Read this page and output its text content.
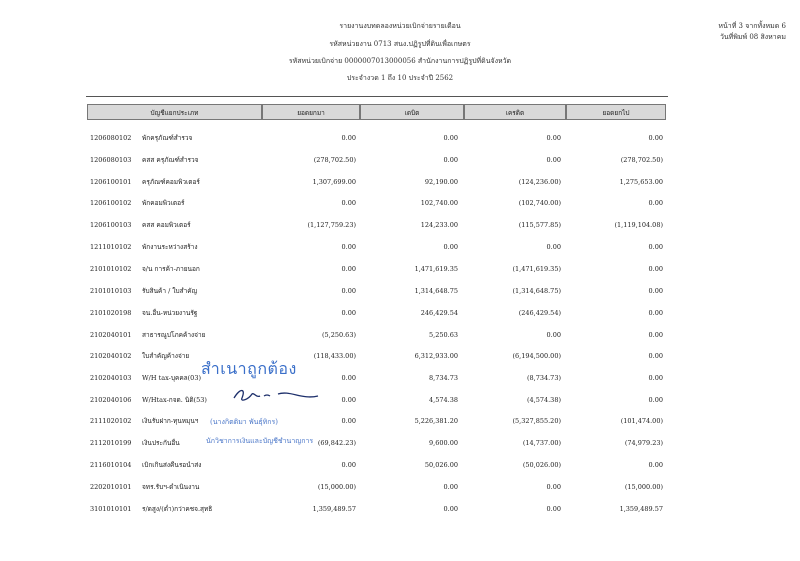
รายงานงบทดลองหน่วยเบิกจ่ายรายเดือน
รหัสหน่วยงาน 0713 สนง.ปฏิรูปที่ดินเพื่อเกษตร
รหัสหน่วยเบิกจ่าย 0000007013000056 สำนักงานการปฏิรูปที่ดินจังหวัด
ประจำงวด 1 ถึง 10 ประจำปี 2562
หน้าที่ 3 จากทั้งหมด 6
วันที่พิมพ์ 08 สิงหาคม
บัญชีแยกประเภท	ยอดยกมา	เดบิต	เครดิต	ยอดยกไป
1206080102	พักครุภัณฑ์สำรวจ	0.00	0.00	0.00	0.00
1206080103	คสส ครุภัณฑ์สำรวจ	(278,702.50)	0.00	0.00	(278,702.50)
1206100101	ครุภัณฑ์คอมพิวเตอร์	1,307,699.00	92,190.00	(124,236.00)	1,275,653.00
1206100102	พักคอมพิวเตอร์	0.00	102,740.00	(102,740.00)	0.00
1206100103	คสส คอมพิวเตอร์	(1,127,759.23)	124,233.00	(115,577.85)	(1,119,104.08)
1211010102	พักงานระหว่างสร้าง	0.00	0.00	0.00	0.00
2101010102	จ/น การค้า-ภายนอก	0.00	1,471,619.35	(1,471,619.35)	0.00
2101010103	รับสินค้า / ใบสำคัญ	0.00	1,314,648.75	(1,314,648.75)	0.00
2101020198	จน.อื่น-หน่วยงานรัฐ	0.00	246,429.54	(246,429.54)	0.00
2102040101	สาธารณูปโภคค้างจ่าย	(5,250.63)	5,250.63	0.00	0.00
2102040102	ใบสำคัญค้างจ่าย	(118,433.00)	6,312,933.00	(6,194,500.00)	0.00
2102040103	W/H tax-บุคคล(03)	0.00	8,734.73	(8,734.73)	0.00
2102040106	W/Htax-กจด. นิติ(53)	0.00	4,574.38	(4,574.38)	0.00
2111020102	เงินรับฝาก-ทุนหมุนฯ	0.00	5,226,381.20	(5,327,855.20)	(101,474.00)
2112010199	เงินประกันอื่น	(69,842.23)	9,600.00	(14,737.00)	(74,979.23)
2116010104	เบิกเกินส่งคืนรอนำส่ง	0.00	50,026.00	(50,026.00)	0.00
2202010101	จทร.รับฯ-ดำเนินงาน	(15,000.00)	0.00	0.00	(15,000.00)
3101010101	ร/ดสูง/(ต่ำ)กว่าคชจ.สุทธิ	1,359,489.57	0.00	0.00	1,359,489.57
สำเนาถูกต้อง
(นางกิตติมา พันธุ์ทิกร)
นักวิชาการเงินและบัญชีชำนาญการ
